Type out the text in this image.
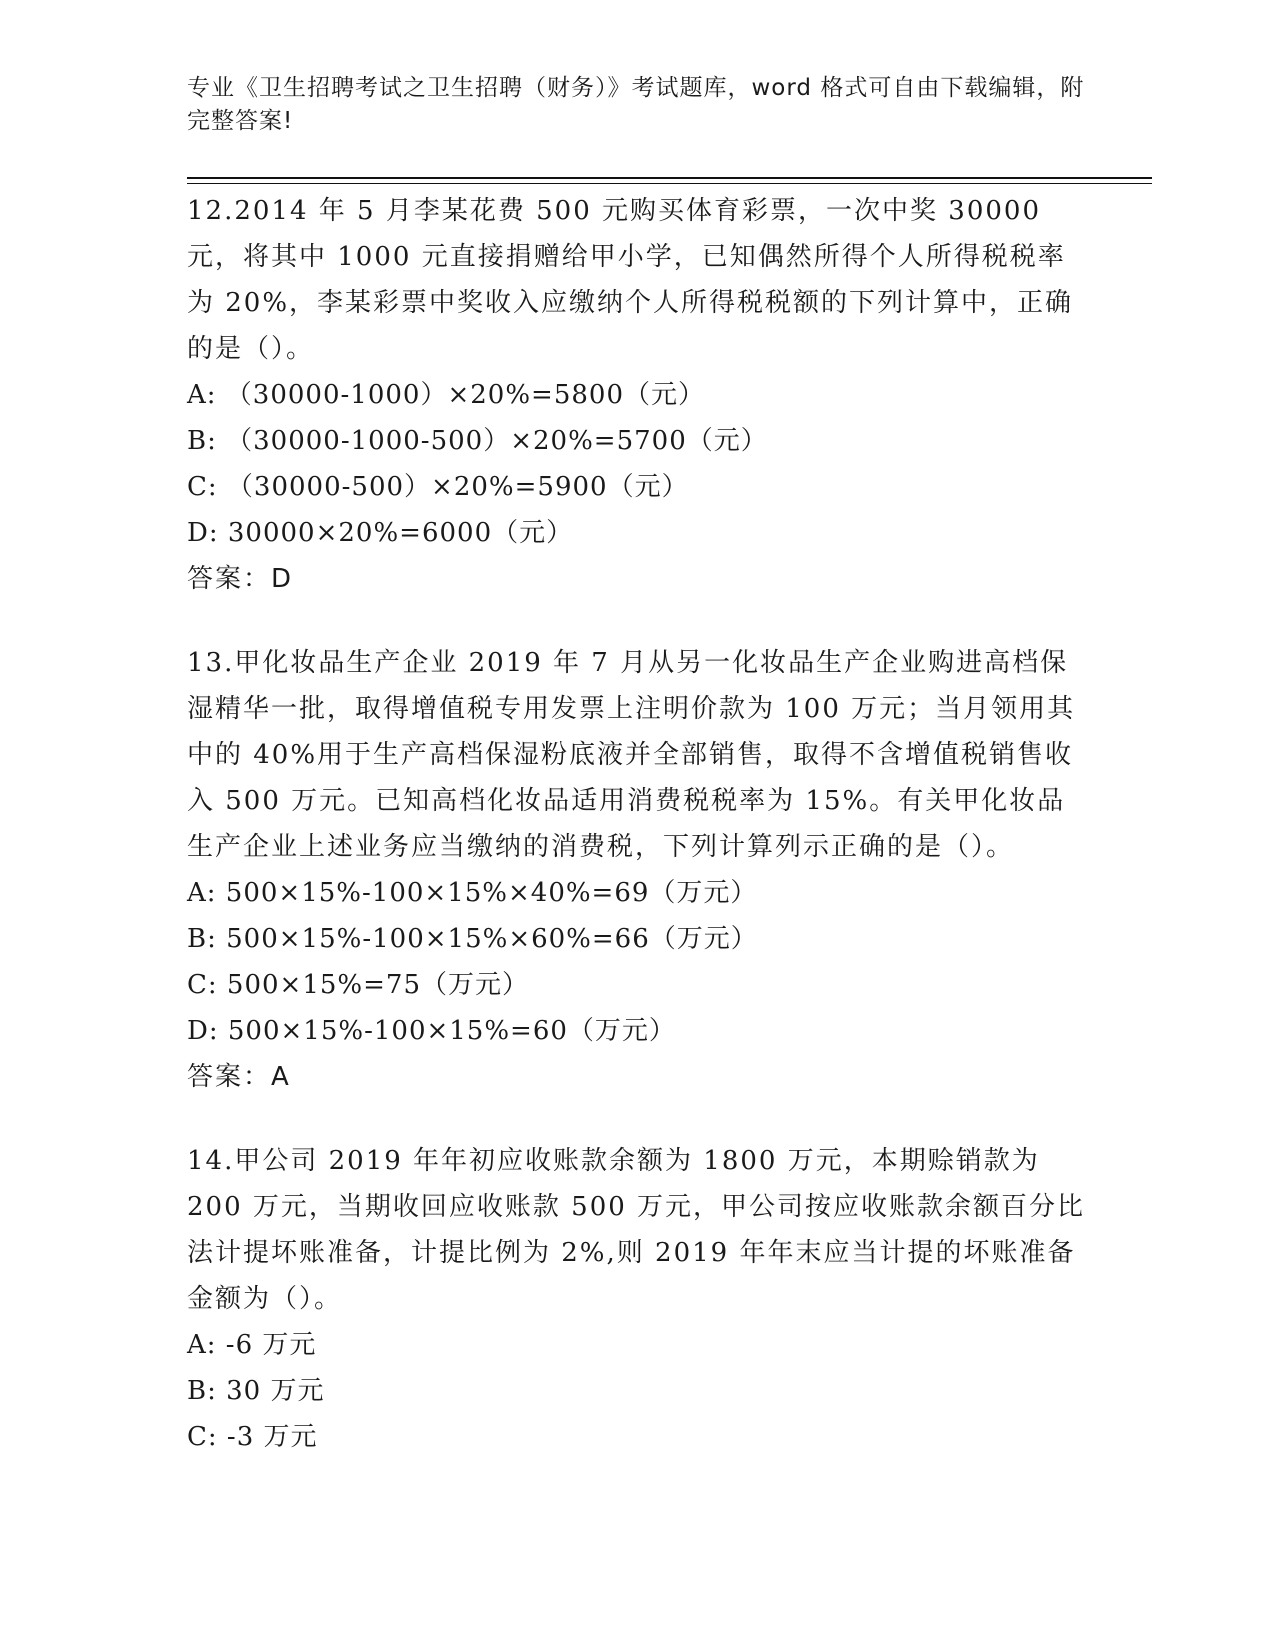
专业《卫生招聘考试之卫生招聘（财务）》考试题库，word 格式可自由下载编辑，附完整答案!

12.2014 年 5 月李某花费 500 元购买体育彩票，一次中奖 30000 元，将其中 1000 元直接捐赠给甲小学，已知偶然所得个人所得税税率为 20%，李某彩票中奖收入应缴纳个人所得税税额的下列计算中，正确的是（）。

A: （30000-1000）×20%=5800（元）

B: （30000-1000-500）×20%=5700（元）

C: （30000-500）×20%=5900（元）

D: 30000×20%=6000（元）

答案：D

13.甲化妆品生产企业 2019 年 7 月从另一化妆品生产企业购进高档保湿精华一批，取得增值税专用发票上注明价款为 100 万元；当月领用其中的 40%用于生产高档保湿粉底液并全部销售，取得不含增值税销售收入 500 万元。已知高档化妆品适用消费税税率为 15%。有关甲化妆品生产企业上述业务应当缴纳的消费税，下列计算列示正确的是（）。

A: 500×15%-100×15%×40%=69（万元）

B: 500×15%-100×15%×60%=66（万元）

C: 500×15%=75（万元）

D: 500×15%-100×15%=60（万元）

答案：A

14.甲公司 2019 年年初应收账款余额为 1800 万元，本期赊销款为 200 万元，当期收回应收账款 500 万元，甲公司按应收账款余额百分比法计提坏账准备，计提比例为 2%,则 2019 年年末应当计提的坏账准备金额为（）。

A: -6 万元

B: 30 万元

C: -3 万元
